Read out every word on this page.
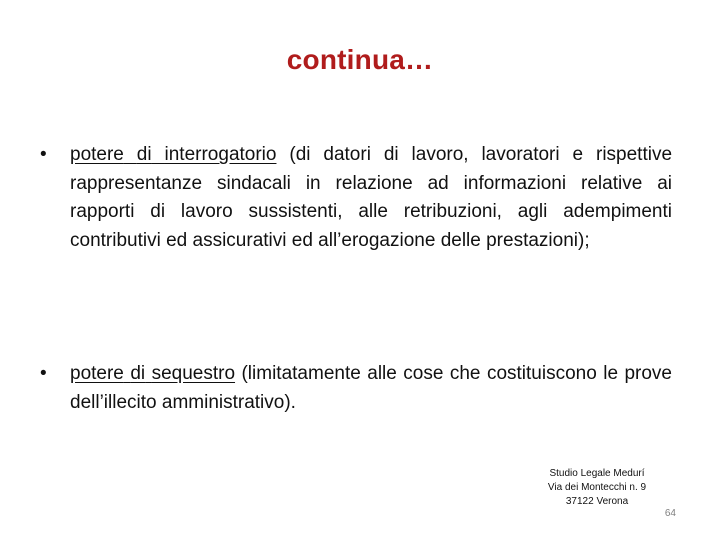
continua…
•	potere di interrogatorio (di datori di lavoro, lavoratori e rispettive rappresentanze sindacali in relazione ad informazioni relative ai rapporti di lavoro sussistenti, alle retribuzioni, agli adempimenti contributivi ed assicurativi ed all’erogazione delle prestazioni);
•	potere di sequestro (limitatamente alle cose che costituiscono le prove dell’illecito amministrativo).
Studio Legale Medurí
Via dei Montecchi n. 9
37122 Verona
64
